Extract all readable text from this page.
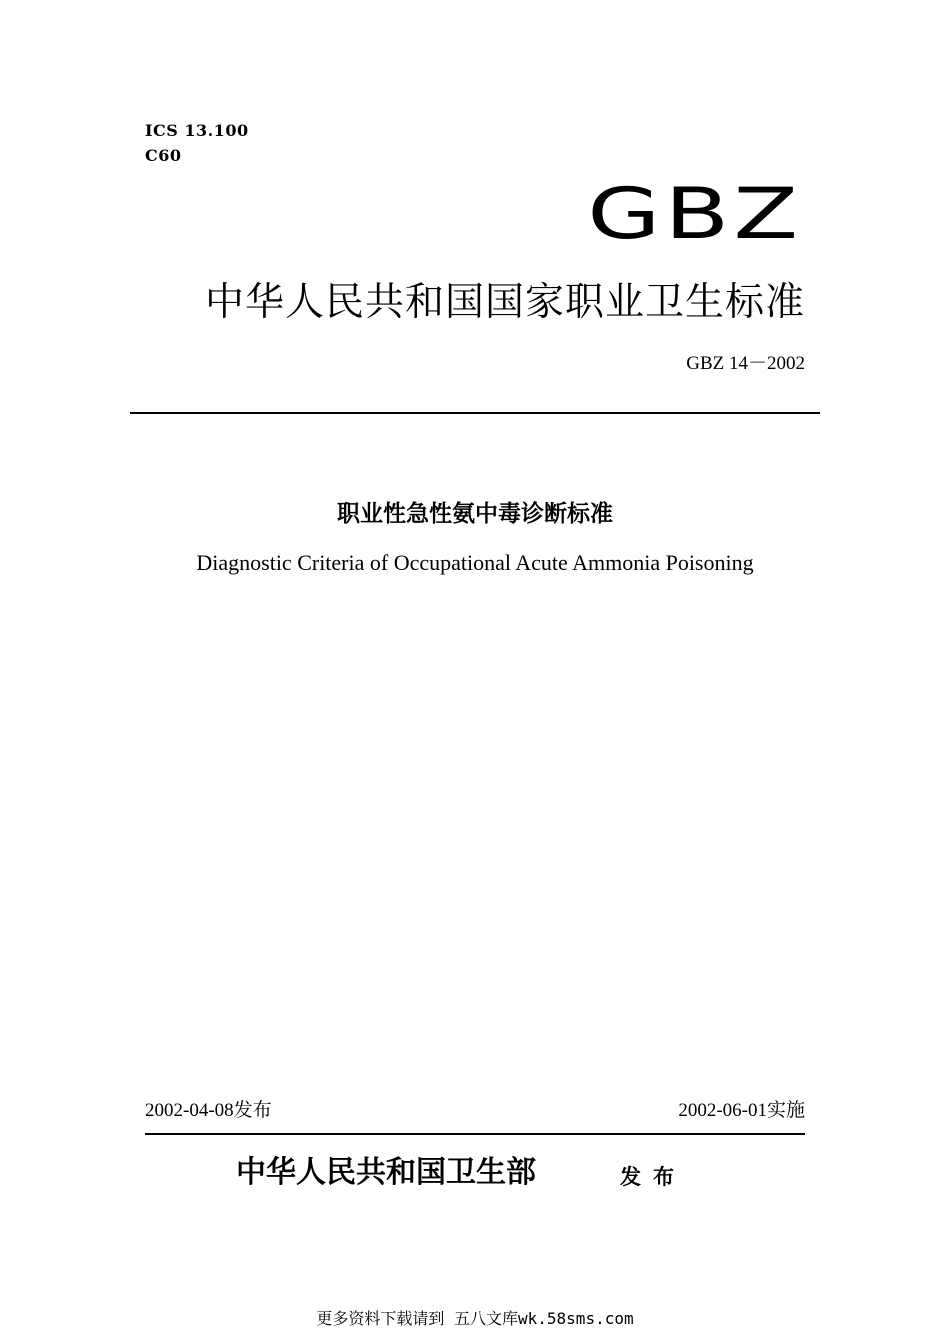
ICS 13.100
C60
GBZ
中华人民共和国国家职业卫生标准
GBZ 14－2002
职业性急性氨中毒诊断标准
Diagnostic Criteria of Occupational Acute Ammonia Poisoning
2002-04-08发布	2002-06-01实施
中华人民共和国卫生部	发布
更多资料下载请到 五八文库wk.58sms.com
